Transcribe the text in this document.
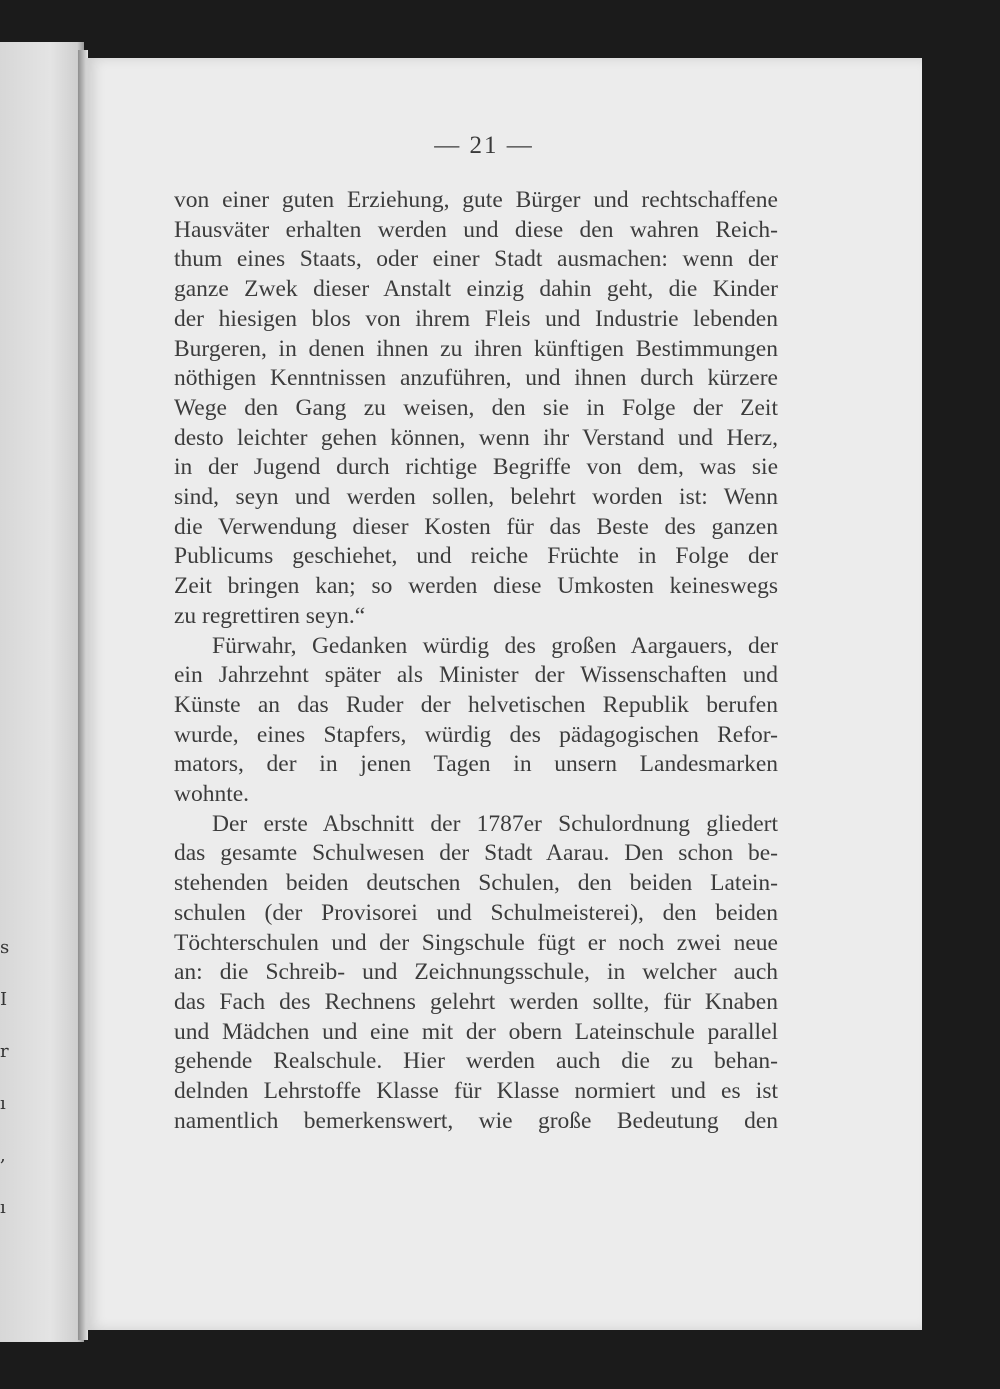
s
I
r
ı
,
ı
— 21 —

von einer guten Erziehung, gute Bürger und rechtschaffene
Hausväter erhalten werden und diese den wahren Reich-
thum eines Staats, oder einer Stadt ausmachen: wenn der
ganze Zwek dieser Anstalt einzig dahin geht, die Kinder
der hiesigen blos von ihrem Fleis und Industrie lebenden
Burgeren, in denen ihnen zu ihren künftigen Bestimmungen
nöthigen Kenntnissen anzuführen, und ihnen durch kürzere
Wege den Gang zu weisen, den sie in Folge der Zeit
desto leichter gehen können, wenn ihr Verstand und Herz,
in der Jugend durch richtige Begriffe von dem, was sie
sind, seyn und werden sollen, belehrt worden ist: Wenn
die Verwendung dieser Kosten für das Beste des ganzen
Publicums geschiehet, und reiche Früchte in Folge der
Zeit bringen kan; so werden diese Umkosten keineswegs
zu regrettiren seyn.“

Fürwahr, Gedanken würdig des großen Aargauers, der
ein Jahrzehnt später als Minister der Wissenschaften und
Künste an das Ruder der helvetischen Republik berufen
wurde, eines Stapfers, würdig des pädagogischen Refor-
mators, der in jenen Tagen in unsern Landesmarken
wohnte.

Der erste Abschnitt der 1787er Schulordnung gliedert
das gesamte Schulwesen der Stadt Aarau. Den schon be-
stehenden beiden deutschen Schulen, den beiden Latein-
schulen (der Provisorei und Schulmeisterei), den beiden
Töchterschulen und der Singschule fügt er noch zwei neue
an: die Schreib- und Zeichnungsschule, in welcher auch
das Fach des Rechnens gelehrt werden sollte, für Knaben
und Mädchen und eine mit der obern Lateinschule parallel
gehende Realschule. Hier werden auch die zu behan-
delnden Lehrstoffe Klasse für Klasse normiert und es ist
namentlich bemerkenswert, wie große Bedeutung den
